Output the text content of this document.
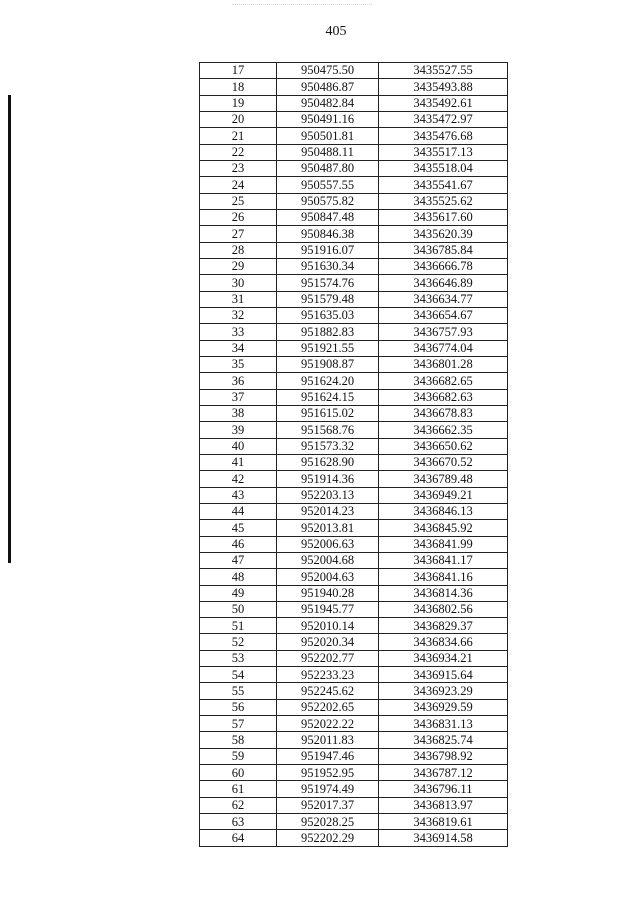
405
17	950475.50	3435527.55
18	950486.87	3435493.88
19	950482.84	3435492.61
20	950491.16	3435472.97
21	950501.81	3435476.68
22	950488.11	3435517.13
23	950487.80	3435518.04
24	950557.55	3435541.67
25	950575.82	3435525.62
26	950847.48	3435617.60
27	950846.38	3435620.39
28	951916.07	3436785.84
29	951630.34	3436666.78
30	951574.76	3436646.89
31	951579.48	3436634.77
32	951635.03	3436654.67
33	951882.83	3436757.93
34	951921.55	3436774.04
35	951908.87	3436801.28
36	951624.20	3436682.65
37	951624.15	3436682.63
38	951615.02	3436678.83
39	951568.76	3436662.35
40	951573.32	3436650.62
41	951628.90	3436670.52
42	951914.36	3436789.48
43	952203.13	3436949.21
44	952014.23	3436846.13
45	952013.81	3436845.92
46	952006.63	3436841.99
47	952004.68	3436841.17
48	952004.63	3436841.16
49	951940.28	3436814.36
50	951945.77	3436802.56
51	952010.14	3436829.37
52	952020.34	3436834.66
53	952202.77	3436934.21
54	952233.23	3436915.64
55	952245.62	3436923.29
56	952202.65	3436929.59
57	952022.22	3436831.13
58	952011.83	3436825.74
59	951947.46	3436798.92
60	951952.95	3436787.12
61	951974.49	3436796.11
62	952017.37	3436813.97
63	952028.25	3436819.61
64	952202.29	3436914.58
